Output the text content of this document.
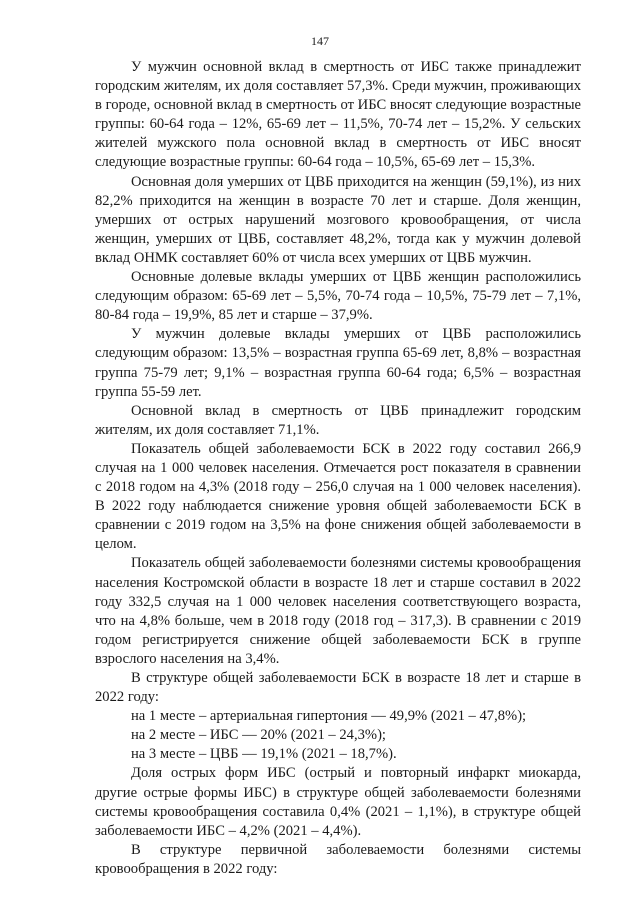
147

У мужчин основной вклад в смертность от ИБС также принадлежит городским жителям, их доля составляет 57,3%. Среди мужчин, проживающих в городе, основной вклад в смертность от ИБС вносят следующие возрастные группы: 60-64 года – 12%, 65-69 лет – 11,5%, 70-74 лет – 15,2%. У сельских жителей мужского пола основной вклад в смертность от ИБС вносят следующие возрастные группы: 60-64 года – 10,5%, 65-69 лет – 15,3%.

Основная доля умерших от ЦВБ приходится на женщин (59,1%), из них 82,2% приходится на женщин в возрасте 70 лет и старше. Доля женщин, умерших от острых нарушений мозгового кровообращения, от числа женщин, умерших от ЦВБ, составляет 48,2%, тогда как у мужчин долевой вклад ОНМК составляет 60% от числа всех умерших от ЦВБ мужчин.

Основные долевые вклады умерших от ЦВБ женщин расположились следующим образом: 65-69 лет – 5,5%, 70-74 года – 10,5%, 75-79 лет – 7,1%, 80-84 года – 19,9%, 85 лет и старше – 37,9%.

У мужчин долевые вклады умерших от ЦВБ расположились следующим образом: 13,5% – возрастная группа 65-69 лет, 8,8% – возрастная группа 75-79 лет; 9,1% – возрастная группа 60-64 года; 6,5% – возрастная группа 55-59 лет.

Основной вклад в смертность от ЦВБ принадлежит городским жителям, их доля составляет 71,1%.

Показатель общей заболеваемости БСК в 2022 году составил 266,9 случая на 1 000 человек населения. Отмечается рост показателя в сравнении с 2018 годом на 4,3% (2018 году – 256,0 случая на 1 000 человек населения). В 2022 году наблюдается снижение уровня общей заболеваемости БСК в сравнении с 2019 годом на 3,5% на фоне снижения общей заболеваемости в целом.

Показатель общей заболеваемости болезнями системы кровообращения населения Костромской области в возрасте 18 лет и старше составил в 2022 году 332,5 случая на 1 000 человек населения соответствующего возраста, что на 4,8% больше, чем в 2018 году (2018 год – 317,3). В сравнении с 2019 годом регистрируется снижение общей заболеваемости БСК в группе взрослого населения на 3,4%.

В структуре общей заболеваемости БСК в возрасте 18 лет и старше в 2022 году:

на 1 месте – артериальная гипертония — 49,9% (2021 – 47,8%);

на 2 месте – ИБС — 20% (2021 – 24,3%);

на 3 месте – ЦВБ — 19,1% (2021 – 18,7%).

Доля острых форм ИБС (острый и повторный инфаркт миокарда, другие острые формы ИБС) в структуре общей заболеваемости болезнями системы кровообращения составила 0,4% (2021 – 1,1%), в структуре общей заболеваемости ИБС – 4,2% (2021 – 4,4%).

В структуре первичной заболеваемости болезнями системы кровообращения в 2022 году:
